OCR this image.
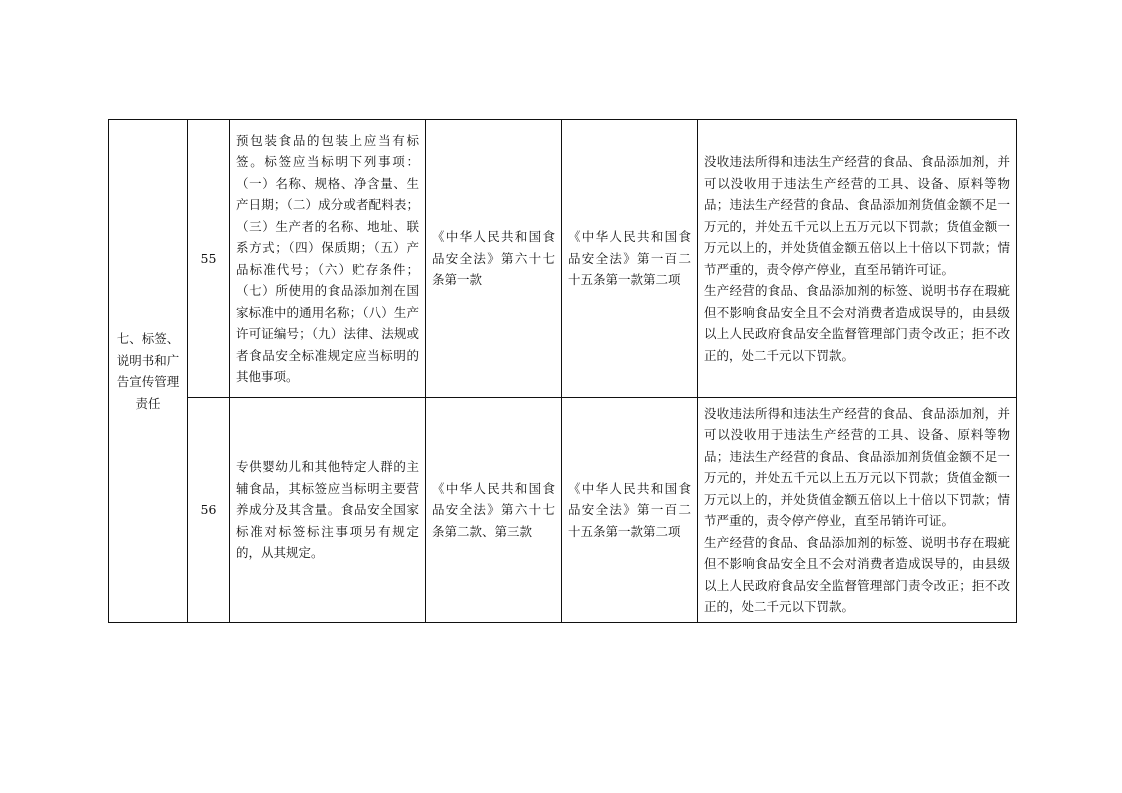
七、标签、说明书和广告宣传管理责任	55	预包装食品的包装上应当有标签。标签应当标明下列事项：（一）名称、规格、净含量、生产日期；（二）成分或者配料表；（三）生产者的名称、地址、联系方式；（四）保质期；（五）产品标准代号；（六）贮存条件；（七）所使用的食品添加剂在国家标准中的通用名称；（八）生产许可证编号；（九）法律、法规或者食品安全标准规定应当标明的其他事项。	《中华人民共和国食品安全法》第六十七条第一款	《中华人民共和国食品安全法》第一百二十五条第一款第二项	没收违法所得和违法生产经营的食品、食品添加剂，并可以没收用于违法生产经营的工具、设备、原料等物品；违法生产经营的食品、食品添加剂货值金额不足一万元的，并处五千元以上五万元以下罚款；货值金额一万元以上的，并处货值金额五倍以上十倍以下罚款；情节严重的，责令停产停业，直至吊销许可证。
生产经营的食品、食品添加剂的标签、说明书存在瑕疵但不影响食品安全且不会对消费者造成误导的，由县级以上人民政府食品安全监督管理部门责令改正；拒不改正的，处二千元以下罚款。

	56	专供婴幼儿和其他特定人群的主辅食品，其标签应当标明主要营养成分及其含量。食品安全国家标准对标签标注事项另有规定的，从其规定。	《中华人民共和国食品安全法》第六十七条第二款、第三款	《中华人民共和国食品安全法》第一百二十五条第一款第二项	没收违法所得和违法生产经营的食品、食品添加剂，并可以没收用于违法生产经营的工具、设备、原料等物品；违法生产经营的食品、食品添加剂货值金额不足一万元的，并处五千元以上五万元以下罚款；货值金额一万元以上的，并处货值金额五倍以上十倍以下罚款；情节严重的，责令停产停业，直至吊销许可证。
生产经营的食品、食品添加剂的标签、说明书存在瑕疵但不影响食品安全且不会对消费者造成误导的，由县级以上人民政府食品安全监督管理部门责令改正；拒不改正的，处二千元以下罚款。
